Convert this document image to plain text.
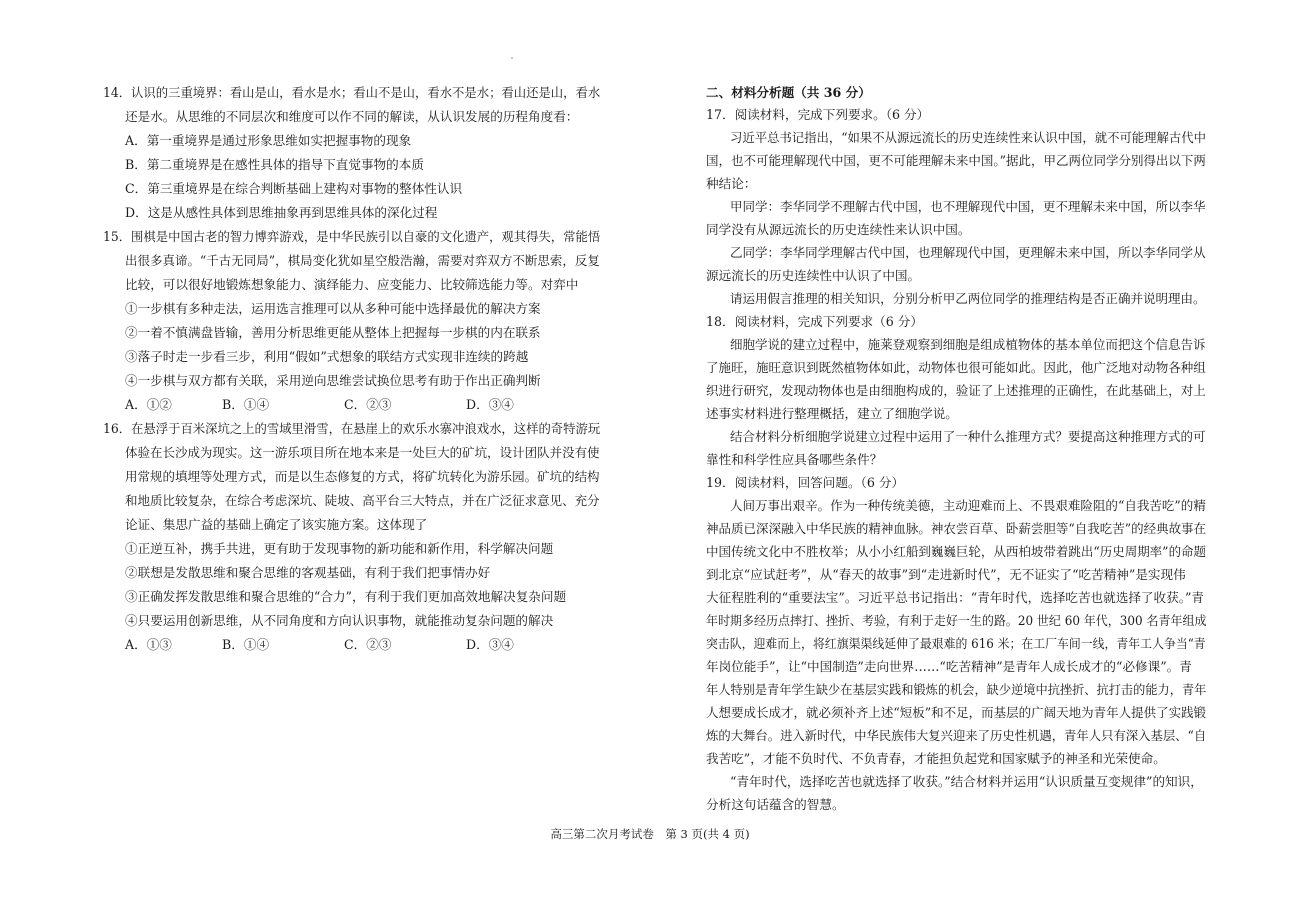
14．认识的三重境界：看山是山，看水是水；看山不是山，看水不是水；看山还是山，看水
还是水。从思维的不同层次和维度可以作不同的解读，从认识发展的历程角度看：
A．第一重境界是通过形象思维如实把握事物的现象
B．第二重境界是在感性具体的指导下直觉事物的本质
C．第三重境界是在综合判断基础上建构对事物的整体性认识
D．这是从感性具体到思维抽象再到思维具体的深化过程
15．围棋是中国古老的智力博弈游戏，是中华民族引以自豪的文化遗产，观其得失，常能悟
出很多真谛。“千古无同局”，棋局变化犹如星空般浩瀚，需要对弈双方不断思索，反复
比较，可以很好地锻炼想象能力、演绎能力、应变能力、比较筛选能力等。对弈中
①一步棋有多种走法，运用选言推理可以从多种可能中选择最优的解决方案
②一着不慎满盘皆输，善用分析思维更能从整体上把握每一步棋的内在联系
③落子时走一步看三步，利用“假如”式想象的联结方式实现非连续的跨越
④一步棋与双方都有关联，采用逆向思维尝试换位思考有助于作出正确判断
A．①②	B．①④	C．②③	D．③④
16．在悬浮于百米深坑之上的雪域里滑雪，在悬崖上的欢乐水寨冲浪戏水，这样的奇特游玩
体验在长沙成为现实。这一游乐项目所在地本来是一处巨大的矿坑，设计团队并没有使
用常规的填埋等处理方式，而是以生态修复的方式，将矿坑转化为游乐园。矿坑的结构
和地质比较复杂，在综合考虑深坑、陡坡、高平台三大特点，并在广泛征求意见、充分
论证、集思广益的基础上确定了该实施方案。这体现了
①正逆互补，携手共进，更有助于发现事物的新功能和新作用，科学解决问题
②联想是发散思维和聚合思维的客观基础，有利于我们把事情办好
③正确发挥发散思维和聚合思维的“合力”，有利于我们更加高效地解决复杂问题
④只要运用创新思维，从不同角度和方向认识事物，就能推动复杂问题的解决
A．①③	B．①④	C．②③	D．③④
二、材料分析题（共 36 分）
17．阅读材料，完成下列要求。（6 分）
习近平总书记指出，“如果不从源远流长的历史连续性来认识中国，就不可能理解古代中
国，也不可能理解现代中国，更不可能理解未来中国。”据此，甲乙两位同学分别得出以下两
种结论：
甲同学：李华同学不理解古代中国，也不理解现代中国，更不理解未来中国，所以李华
同学没有从源远流长的历史连续性来认识中国。
乙同学：李华同学理解古代中国，也理解现代中国，更理解未来中国，所以李华同学从
源远流长的历史连续性中认识了中国。
请运用假言推理的相关知识，分别分析甲乙两位同学的推理结构是否正确并说明理由。
18．阅读材料，完成下列要求（6 分）
细胞学说的建立过程中，施莱登观察到细胞是组成植物体的基本单位而把这个信息告诉
了施旺，施旺意识到既然植物体如此，动物体也很可能如此。因此，他广泛地对动物各种组
织进行研究，发现动物体也是由细胞构成的，验证了上述推理的正确性，在此基础上，对上
述事实材料进行整理概括，建立了细胞学说。
结合材料分析细胞学说建立过程中运用了一种什么推理方式？要提高这种推理方式的可
靠性和科学性应具备哪些条件？
19．阅读材料，回答问题。（6 分）
人间万事出艰辛。作为一种传统美德，主动迎难而上、不畏艰难险阻的“自我苦吃”的精
神品质已深深融入中华民族的精神血脉。神农尝百草、卧薪尝胆等“自我吃苦”的经典故事在
中国传统文化中不胜枚举；从小小红船到巍巍巨轮，从西柏坡带着跳出“历史周期率”的命题
到北京“应试赶考”，从“春天的故事”到“走进新时代”，无不证实了“吃苦精神”是实现伟
大征程胜利的“重要法宝”。习近平总书记指出：“青年时代，选择吃苦也就选择了收获。”青
年时期多经历点摔打、挫折、考验，有利于走好一生的路。20 世纪 60 年代，300 名青年组成
突击队，迎难而上，将红旗渠渠线延伸了最艰难的 616 米；在工厂车间一线，青年工人争当“青
年岗位能手”，让“中国制造”走向世界……“吃苦精神”是青年人成长成才的“必修课”。青
年人特别是青年学生缺少在基层实践和锻炼的机会，缺少逆境中抗挫折、抗打击的能力，青年
人想要成长成才，就必须补齐上述“短板”和不足，而基层的广阔天地为青年人提供了实践锻
炼的大舞台。进入新时代，中华民族伟大复兴迎来了历史性机遇，青年人只有深入基层、“自
我苦吃”，才能不负时代、不负青春，才能担负起党和国家赋予的神圣和光荣使命。
“青年时代，选择吃苦也就选择了收获。”结合材料并运用“认识质量互变规律”的知识，
分析这句话蕴含的智慧。
高三第二次月考试卷　第 3 页(共 4 页)
